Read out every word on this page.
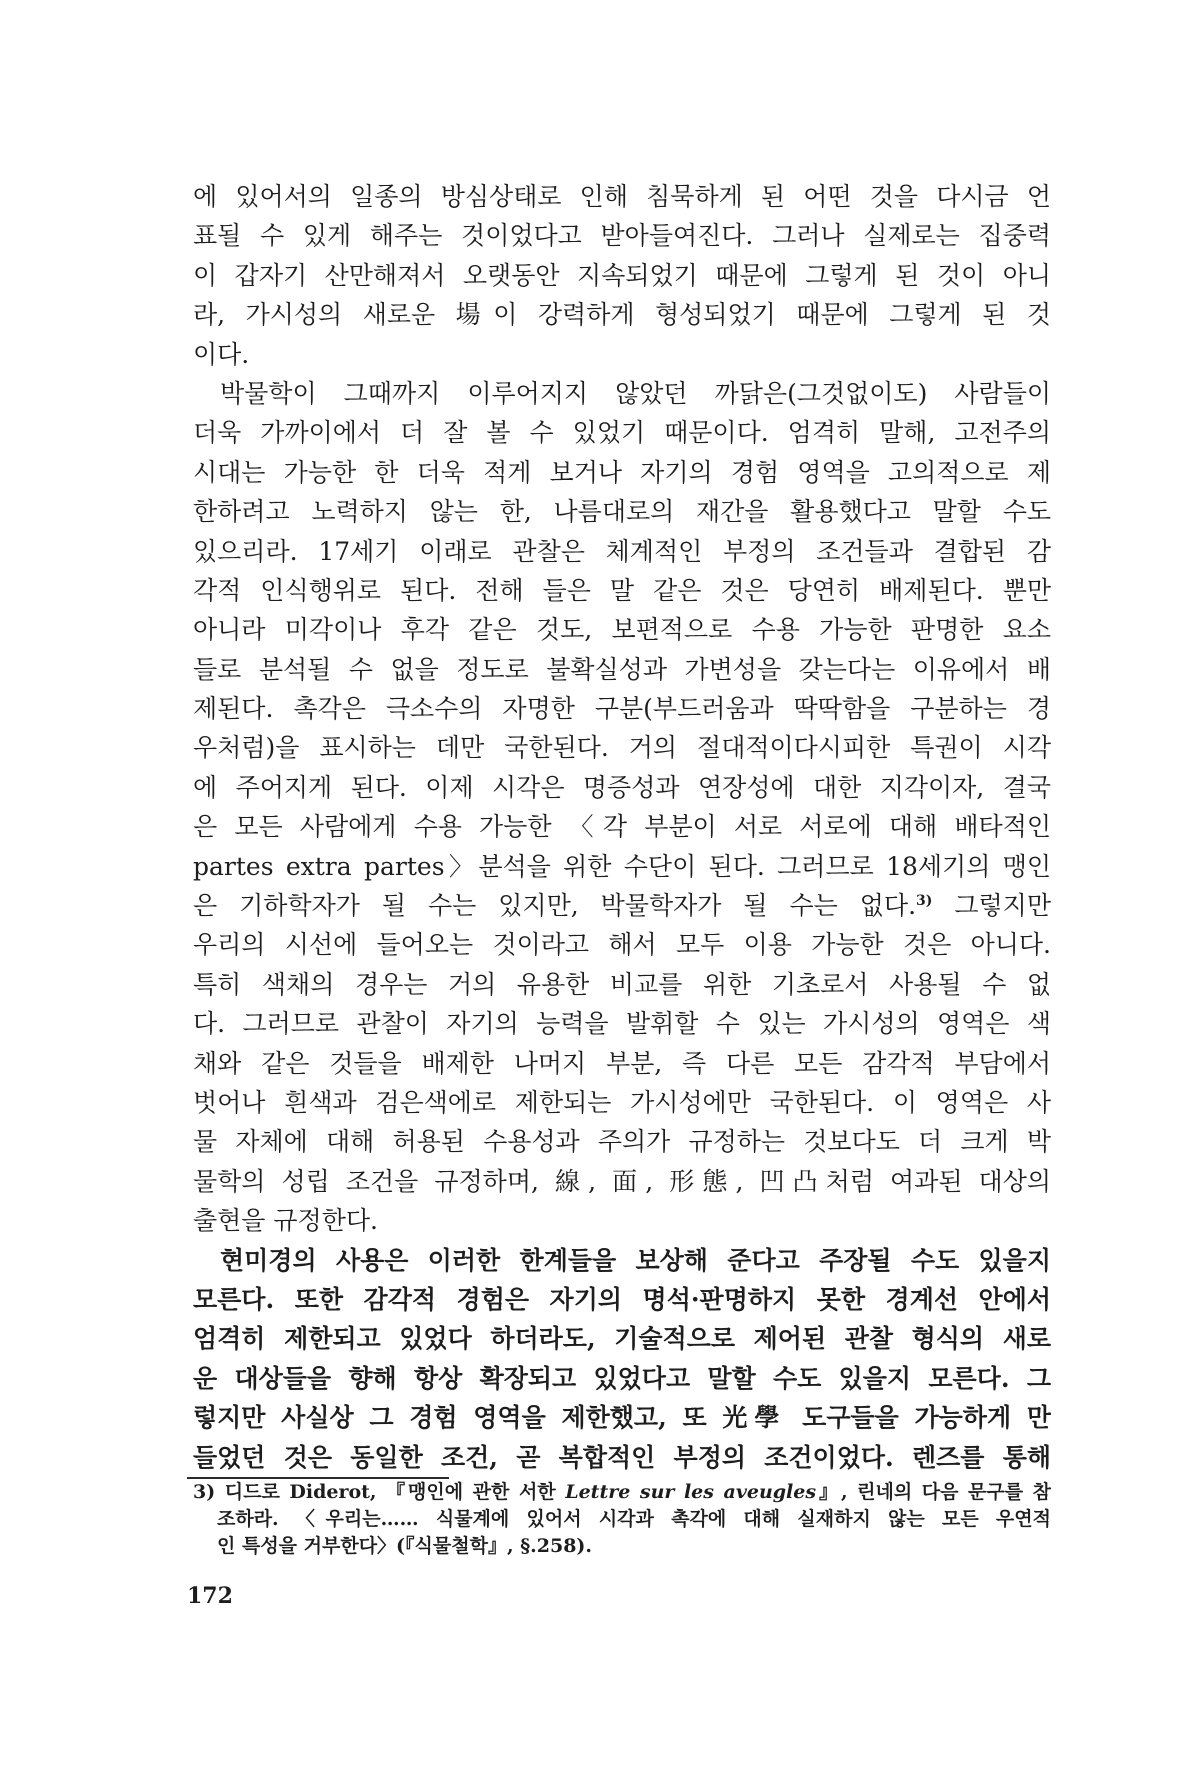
에 있어서의 일종의 방심상태로 인해 침묵하게 된 어떤 것을 다시금 언
표될 수 있게 해주는 것이었다고 받아들여진다. 그러나 실제로는 집중력
이 갑자기 산만해져서 오랫동안 지속되었기 때문에 그렇게 된 것이 아니
라, 가시성의 새로운 場이 강력하게 형성되었기 때문에 그렇게 된 것
이다.
박물학이 그때까지 이루어지지 않았던 까닭은(그것없이도) 사람들이
더욱 가까이에서 더 잘 볼 수 있었기 때문이다. 엄격히 말해, 고전주의
시대는 가능한 한 더욱 적게 보거나 자기의 경험 영역을 고의적으로 제
한하려고 노력하지 않는 한, 나름대로의 재간을 활용했다고 말할 수도
있으리라. 17세기 이래로 관찰은 체계적인 부정의 조건들과 결합된 감
각적 인식행위로 된다. 전해 들은 말 같은 것은 당연히 배제된다. 뿐만
아니라 미각이나 후각 같은 것도, 보편적으로 수용 가능한 판명한 요소
들로 분석될 수 없을 정도로 불확실성과 가변성을 갖는다는 이유에서 배
제된다. 촉각은 극소수의 자명한 구분(부드러움과 딱딱함을 구분하는 경
우처럼)을 표시하는 데만 국한된다. 거의 절대적이다시피한 특권이 시각
에 주어지게 된다. 이제 시각은 명증성과 연장성에 대한 지각이자, 결국
은 모든 사람에게 수용 가능한 〈각 부분이 서로 서로에 대해 배타적인
partes extra partes〉분석을 위한 수단이 된다. 그러므로 18세기의 맹인
은 기하학자가 될 수는 있지만, 박물학자가 될 수는 없다.$^{3)}$ 그렇지만
우리의 시선에 들어오는 것이라고 해서 모두 이용 가능한 것은 아니다.
특히 색채의 경우는 거의 유용한 비교를 위한 기초로서 사용될 수 없
다. 그러므로 관찰이 자기의 능력을 발휘할 수 있는 가시성의 영역은 색
채와 같은 것들을 배제한 나머지 부분, 즉 다른 모든 감각적 부담에서
벗어나 흰색과 검은색에로 제한되는 가시성에만 국한된다. 이 영역은 사
물 자체에 대해 허용된 수용성과 주의가 규정하는 것보다도 더 크게 박
물학의 성립 조건을 규정하며, 線, 面, 形態, 凹凸처럼 여과된 대상의
출현을 규정한다.
현미경의 사용은 이러한 한계들을 보상해 준다고 주장될 수도 있을지
모른다. 또한 감각적 경험은 자기의 명석·판명하지 못한 경계선 안에서
엄격히 제한되고 있었다 하더라도, 기술적으로 제어된 관찰 형식의 새로
운 대상들을 향해 항상 확장되고 있었다고 말할 수도 있을지 모른다. 그
렇지만 사실상 그 경험 영역을 제한했고, 또 光學 도구들을 가능하게 만
들었던 것은 동일한 조건, 곧 복합적인 부정의 조건이었다. 렌즈를 통해
3) 디드로 Diderot, 『맹인에 관한 서한 Lettre sur les aveugles』, 린네의 다음 문구를 참
조하라. 〈우리는…… 식물계에 있어서 시각과 촉각에 대해 실재하지 않는 모든 우연적
인 특성을 거부한다〉(『식물철학』, §.258).
172
